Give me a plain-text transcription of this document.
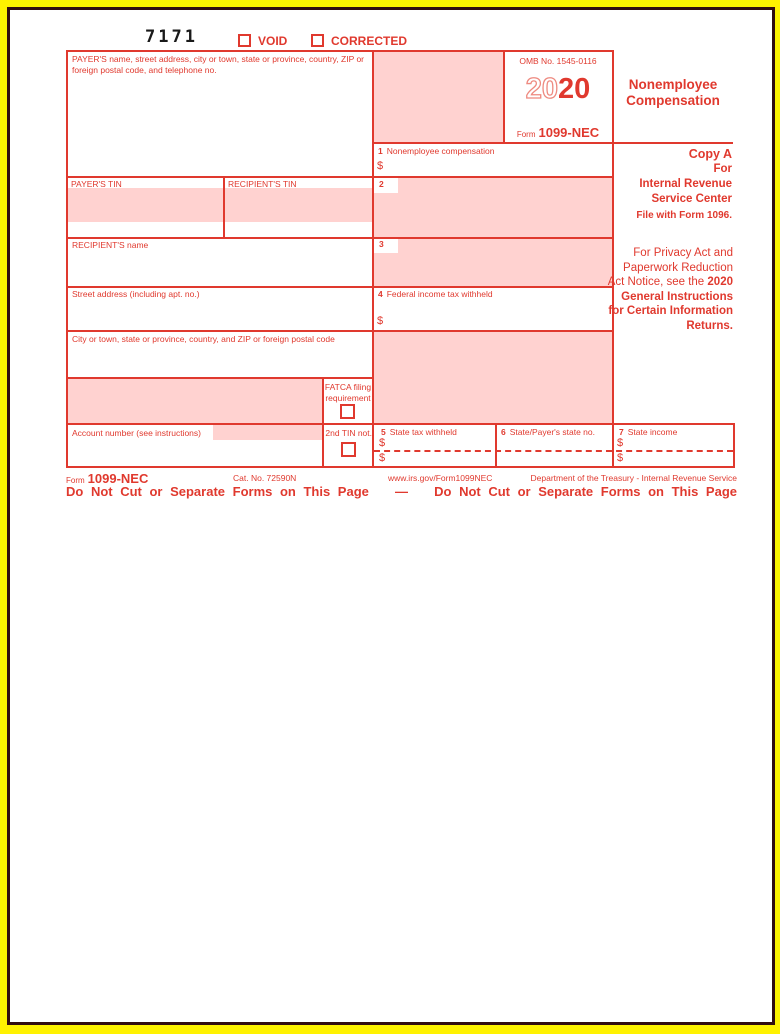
7171	VOID	CORRECTED
2
3
PAYER'S name, street address, city or town, state or province, country, ZIP or foreign postal code, and telephone no.
PAYER'S TIN	RECIPIENT'S TIN
RECIPIENT'S name
Street address (including apt. no.)
City or town, state or province, country, and ZIP or foreign postal code
Account number (see instructions)
FATCA filing
requirement
2nd TIN not.
OMB No. 1545-0116
2020
Form 1099-NEC
Nonemployee
Compensation
1 Nonemployee compensation
$
4 Federal income tax withheld
$
5 State tax withheld
$
$
6 State/Payer's state no.	7 State income
$
$
Copy A
For
Internal Revenue
Service Center
File with Form 1096.
For Privacy Act and Paperwork Reduction Act Notice, see the 2020 General Instructions for Certain Information Returns.
Form 1099-NEC	Cat. No. 72590N	www.irs.gov/Form1099NEC	Department of the Treasury - Internal Revenue Service
Do Not Cut or Separate Forms on This Page — Do Not Cut or Separate Forms on This Page
